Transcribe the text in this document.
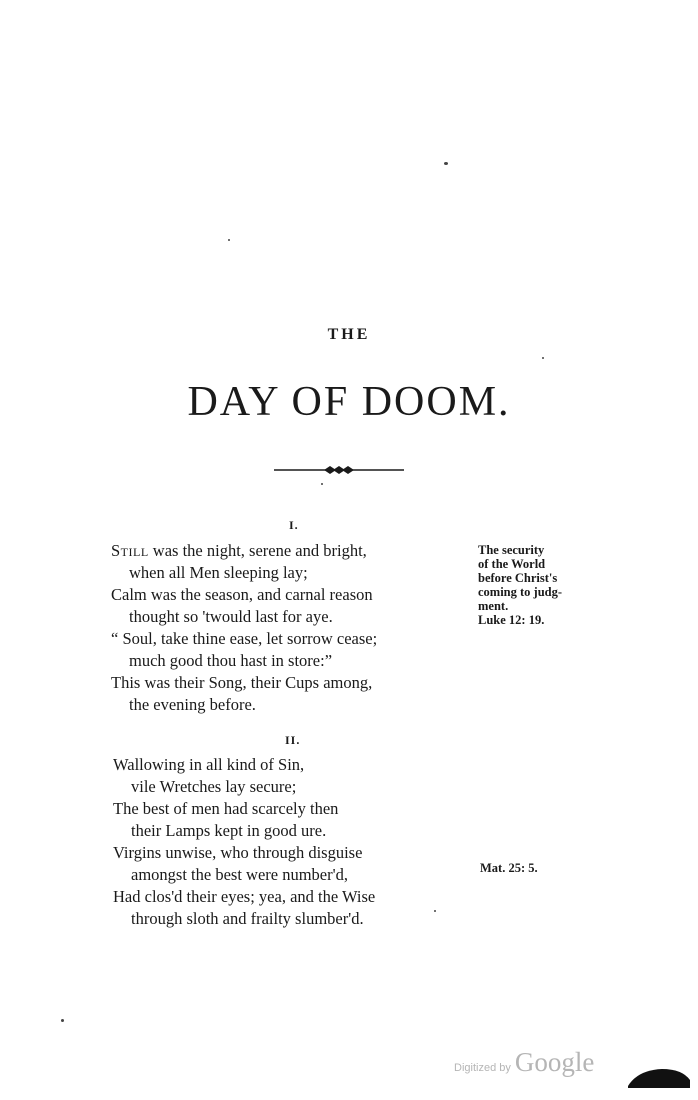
THE
DAY OF DOOM.
I.
Still was the night, serene and bright,
when all Men sleeping lay;
Calm was the season, and carnal reason
thought so 'twould last for aye.
“ Soul, take thine ease, let sorrow cease;
much good thou hast in store:”
This was their Song, their Cups among,
the evening before.
The security
of the World
before Christ's
coming to judg-
ment.
Luke 12: 19.
II.
Wallowing in all kind of Sin,
vile Wretches lay secure;
The best of men had scarcely then
their Lamps kept in good ure.
Virgins unwise, who through disguise
amongst the best were number'd,
Had clos'd their eyes; yea, and the Wise
through sloth and frailty slumber'd.
Mat. 25: 5.
Digitized by Google
